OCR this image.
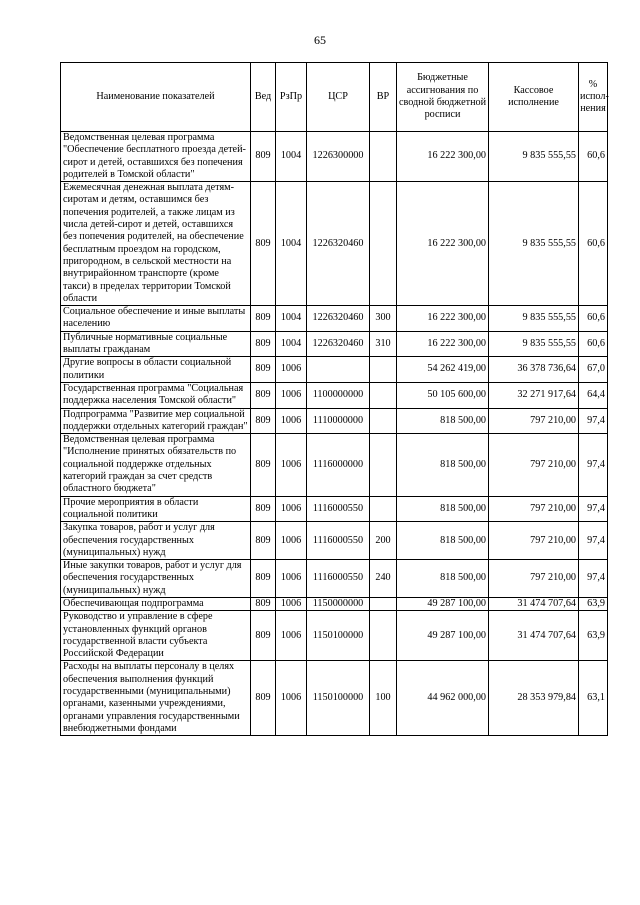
65
Наименование показателей	Вед	РзПр	ЦСР	ВР	Бюджетные ассигнования по сводной бюджетной росписи	Кассовое исполнение	% испол-нения
Ведомственная целевая программа "Обеспечение бесплатного проезда детей-сирот и детей, оставшихся без попечения родителей в Томской области"	809	1004	1226300000		16 222 300,00	9 835 555,55	60,6
Ежемесячная денежная выплата детям-сиротам и детям, оставшимся без попечения родителей, а также лицам из числа детей-сирот и детей, оставшихся без попечения родителей, на обеспечение бесплатным проездом на городском, пригородном, в сельской местности на внутрирайонном транспорте (кроме такси) в пределах территории Томской области	809	1004	1226320460		16 222 300,00	9 835 555,55	60,6
Социальное обеспечение и иные выплаты населению	809	1004	1226320460	300	16 222 300,00	9 835 555,55	60,6
Публичные нормативные социальные выплаты гражданам	809	1004	1226320460	310	16 222 300,00	9 835 555,55	60,6
Другие вопросы в области социальной политики	809	1006			54 262 419,00	36 378 736,64	67,0
Государственная программа "Социальная поддержка населения Томской области"	809	1006	1100000000		50 105 600,00	32 271 917,64	64,4
Подпрограмма "Развитие мер социальной поддержки отдельных категорий граждан"	809	1006	1110000000		818 500,00	797 210,00	97,4
Ведомственная целевая программа "Исполнение принятых обязательств по социальной поддержке отдельных категорий граждан за счет средств областного бюджета"	809	1006	1116000000		818 500,00	797 210,00	97,4
Прочие мероприятия в области социальной политики	809	1006	1116000550		818 500,00	797 210,00	97,4
Закупка товаров, работ и услуг для обеспечения государственных (муниципальных) нужд	809	1006	1116000550	200	818 500,00	797 210,00	97,4
Иные закупки товаров, работ и услуг для обеспечения государственных (муниципальных) нужд	809	1006	1116000550	240	818 500,00	797 210,00	97,4
Обеспечивающая подпрограмма	809	1006	1150000000		49 287 100,00	31 474 707,64	63,9
Руководство и управление в сфере установленных функций органов государственной власти субъекта Российской Федерации	809	1006	1150100000		49 287 100,00	31 474 707,64	63,9
Расходы на выплаты персоналу в целях обеспечения выполнения функций государственными (муниципальными) органами, казенными учреждениями, органами управления государственными внебюджетными фондами	809	1006	1150100000	100	44 962 000,00	28 353 979,84	63,1
